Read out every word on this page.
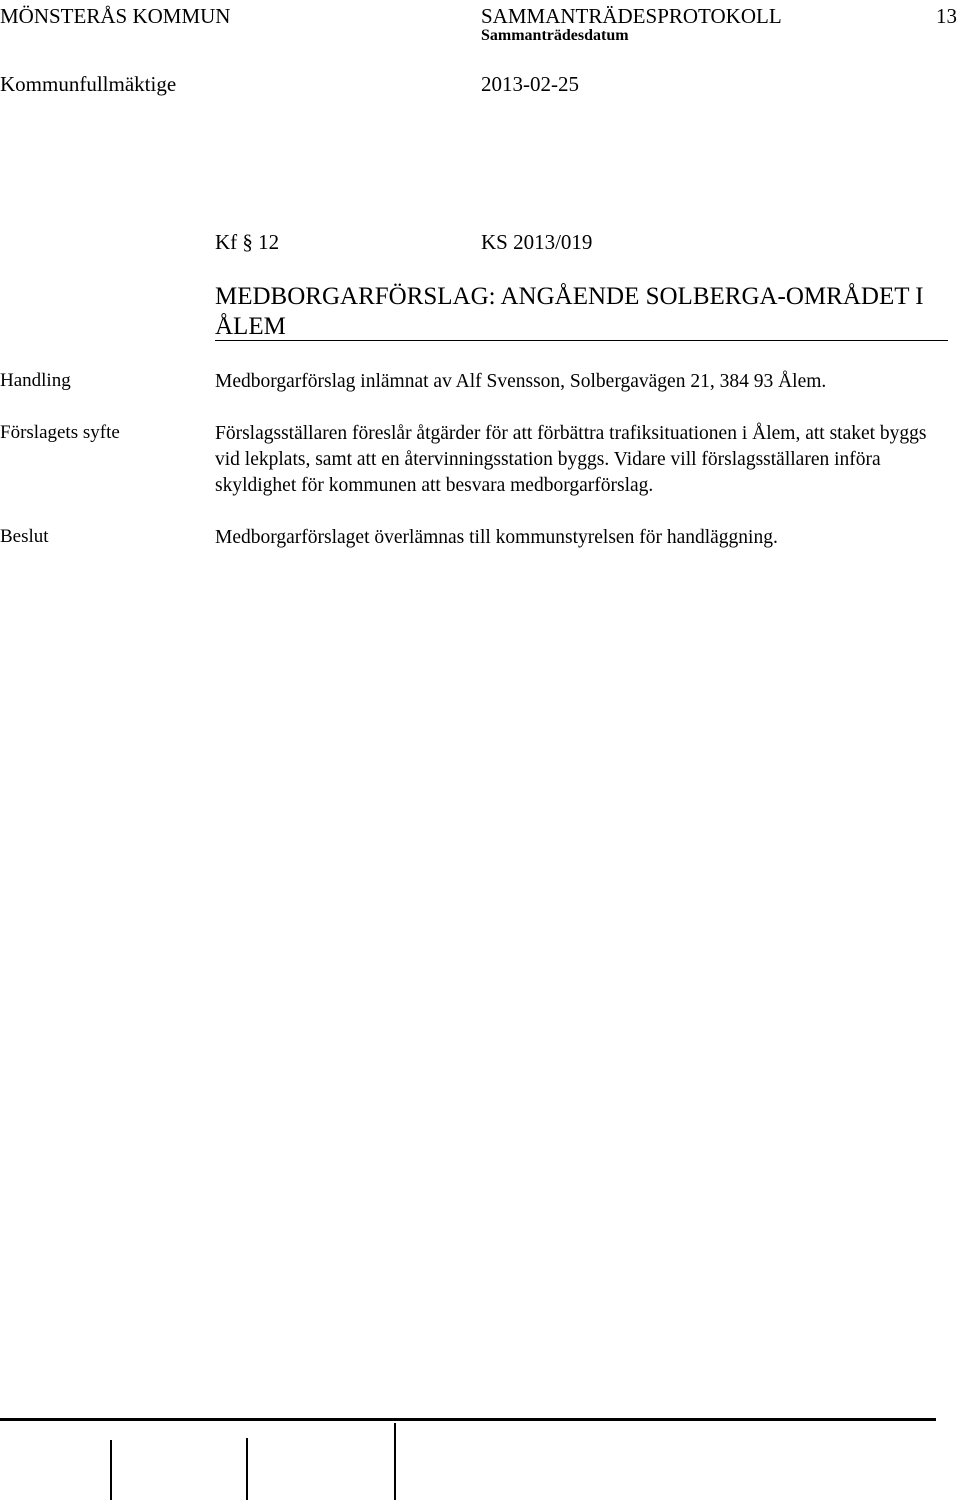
MÖNSTERÅS KOMMUN	SAMMANTRÄDESPROTOKOLL	13
Sammanträdesdatum
Kommunfullmäktige	2013-02-25
Kf § 12	KS 2013/019
MEDBORGARFÖRSLAG: ANGÅENDE SOLBERGA-OMRÅDET I ÅLEM
Handling	Medborgarförslag inlämnat av Alf Svensson, Solbergavägen 21, 384 93 Ålem.
Förslagets syfte	Förslagsställaren föreslår åtgärder för att förbättra trafiksituationen i Ålem, att staket byggs vid lekplats, samt att en återvinningsstation byggs. Vidare vill förslagsställaren införa skyldighet för kommunen att besvara medborgarförslag.
Beslut	Medborgarförslaget överlämnas till kommunstyrelsen för handläggning.
